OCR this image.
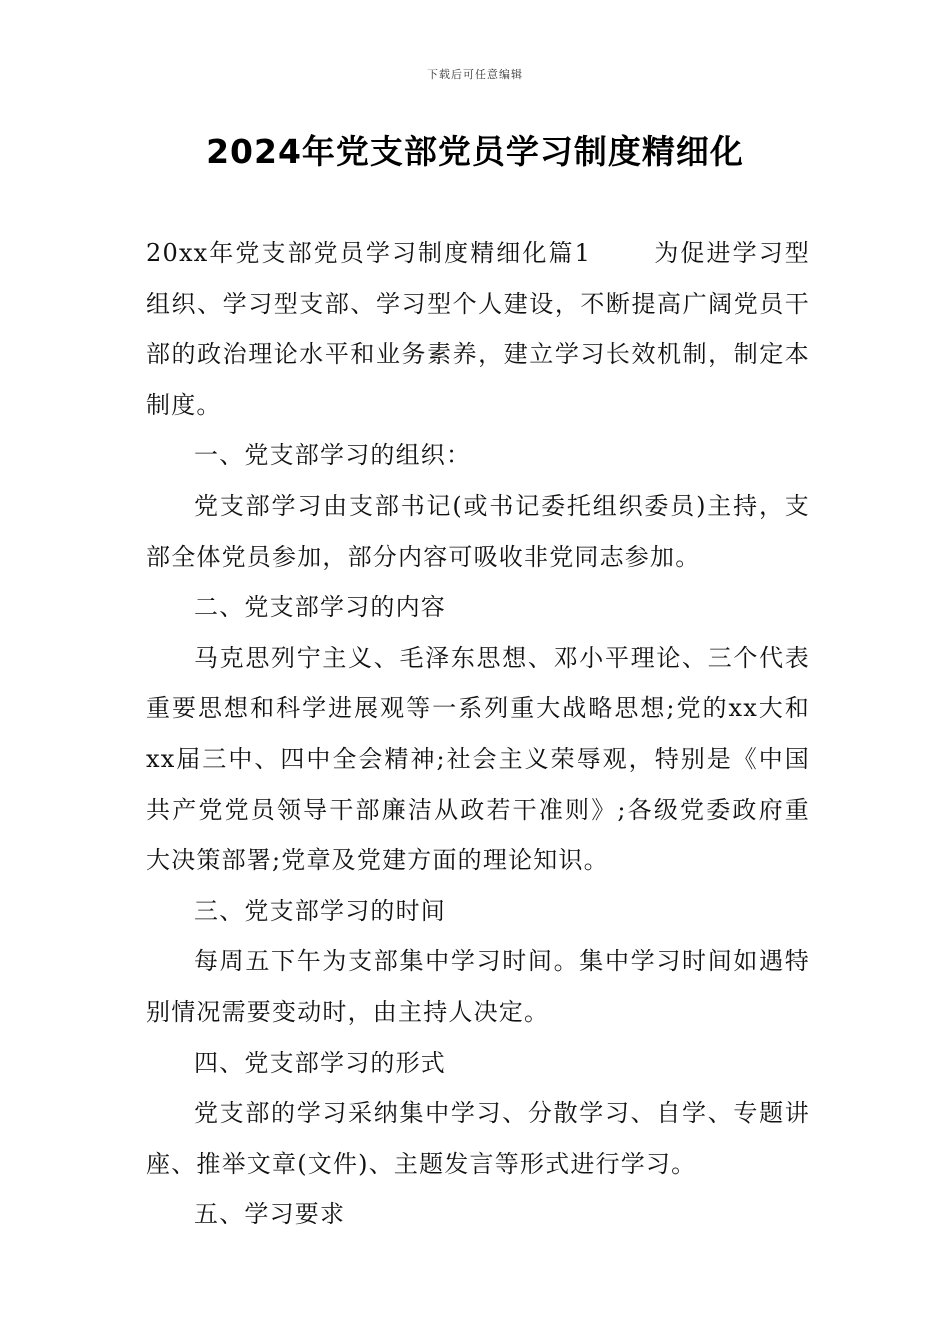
下载后可任意编辑
2024年党支部党员学习制度精细化

20xx年党支部党员学习制度精细化篇1	为促进学习型组织、学习型支部、学习型个人建设，不断提高广阔党员干部的政治理论水平和业务素养，建立学习长效机制，制定本制度。

一、党支部学习的组织：

党支部学习由支部书记(或书记委托组织委员)主持，支部全体党员参加，部分内容可吸收非党同志参加。

二、党支部学习的内容

马克思列宁主义、毛泽东思想、邓小平理论、三个代表重要思想和科学进展观等一系列重大战略思想;党的xx大和xx届三中、四中全会精神;社会主义荣辱观，特别是《中国共产党党员领导干部廉洁从政若干准则》;各级党委政府重大决策部署;党章及党建方面的理论知识。

三、党支部学习的时间

每周五下午为支部集中学习时间。集中学习时间如遇特别情况需要变动时，由主持人决定。

四、党支部学习的形式

党支部的学习采纳集中学习、分散学习、自学、专题讲座、推举文章(文件)、主题发言等形式进行学习。

五、学习要求
